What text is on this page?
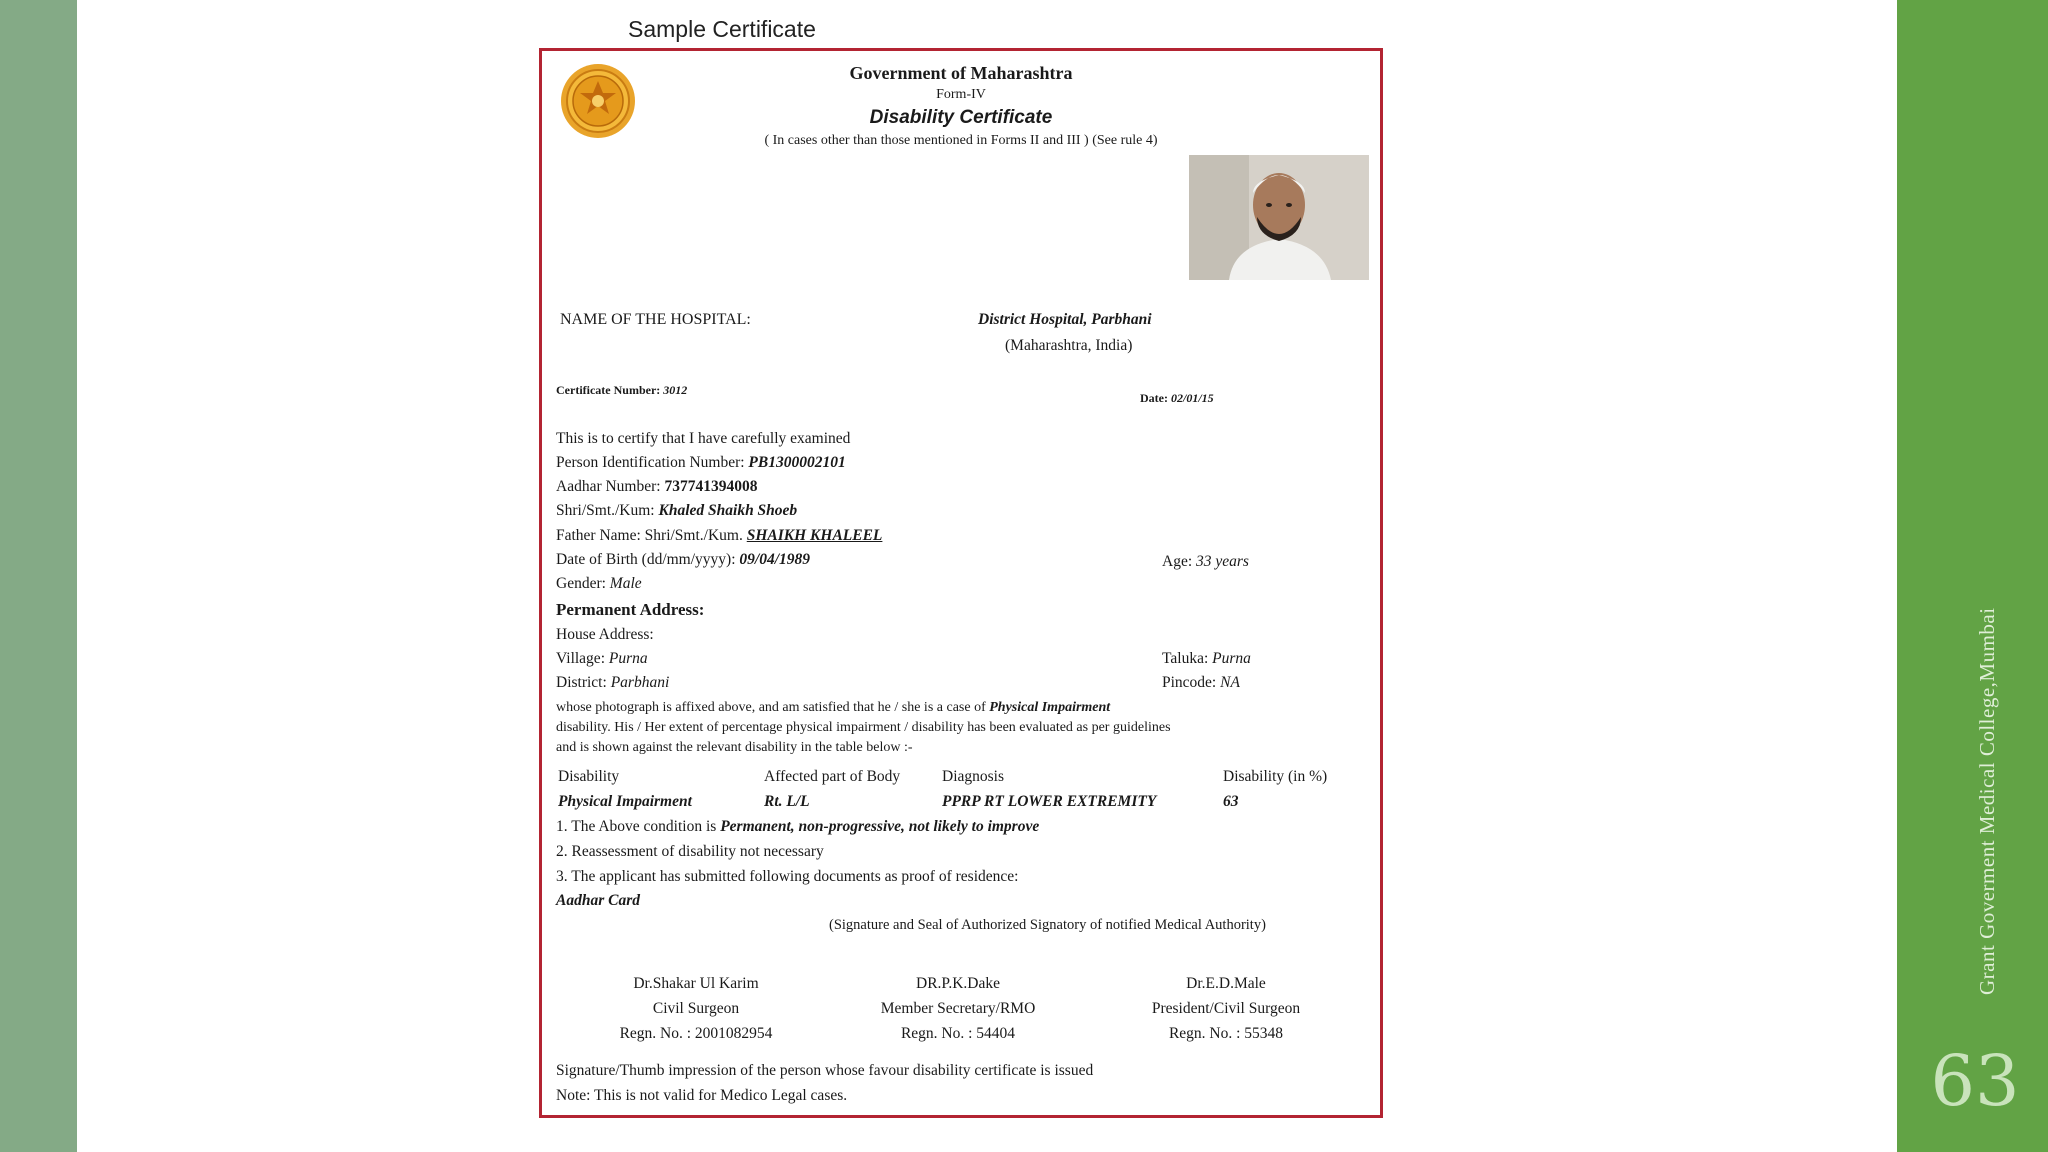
Grant Goverment Medical College,Mumbai
63
Sample Certificate
Government of Maharashtra
Form-IV
Disability Certificate
( In cases other than those mentioned in Forms II and III ) (See rule 4)
NAME OF THE HOSPITAL:	District Hospital, Parbhani
(Maharashtra, India)
Certificate Number: 3012
Date: 02/01/15
This is to certify that I have carefully examined
Person Identification Number: PB1300002101
Aadhar Number: 737741394008
Shri/Smt./Kum: Khaled Shaikh Shoeb
Father Name: Shri/Smt./Kum. SHAIKH KHALEEL
Date of Birth (dd/mm/yyyy): 09/04/1989	Age: 33 years
Gender: Male
Permanent Address:
House Address:
Village: Purna	Taluka: Purna
District: Parbhani	Pincode: NA
whose photograph is affixed above, and am satisfied that he / she is a case of Physical Impairment
disability. His / Her extent of percentage physical impairment / disability has been evaluated as per guidelines
and is shown against the relevant disability in the table below :-
Disability	Affected part of Body	Diagnosis	Disability (in %)
Physical Impairment	Rt. L/L	PPRP RT LOWER EXTREMITY	63
1. The Above condition is Permanent, non-progressive, not likely to improve
2. Reassessment of disability not necessary
3. The applicant has submitted following documents as proof of residence:
Aadhar Card
(Signature and Seal of Authorized Signatory of notified Medical Authority)
Dr.Shakar Ul Karim
Civil Surgeon
Regn. No. : 2001082954
DR.P.K.Dake
Member Secretary/RMO
Regn. No. : 54404
Dr.E.D.Male
President/Civil Surgeon
Regn. No. : 55348
Signature/Thumb impression of the person whose favour disability certificate is issued
Note: This is not valid for Medico Legal cases.
